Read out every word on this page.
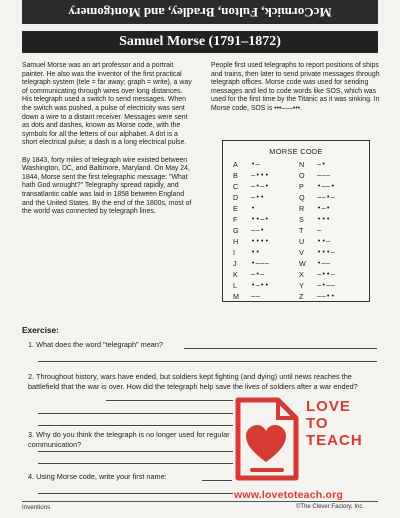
McCormick, Fulton, Bradley, and Montgomery
Samuel Morse (1791–1872)

Samuel Morse was an art professor and a portrait painter. He also was the inventor of the first practical telegraph system (tele = far away; graph = write), a way of communicating through wires over long distances. His telegraph used a switch to send messages. When the switch was pushed, a pulse of electricity was sent down a wire to a distant receiver. Messages were sent as dots and dashes, known as Morse code, with the symbols for all the letters of our alphabet. A dot is a short electrical pulse; a dash is a long electrical pulse.

By 1843, forty miles of telegraph wire existed between Washington, DC, and Baltimore, Maryland. On May 24, 1844, Morse sent the first telegraphic message: "What hath God wrought?" Telegraphy spread rapidly, and transatlantic cable was laid in 1858 between England and the United States. By the end of the 1800s, most of the world was connected by telegraph lines.

People first used telegraphs to report positions of ships and trains, then later to send private messages through telegraph offices. Morse code was used for sending messages and led to code words like SOS, which was used for the first time by the Titanic as it was sinking. In Morse code, SOS is •••–––•••.

MORSE CODE
A	•–	N	–•
B	–•••	O	–––
C	–•–•	P	•––•
D	–••	Q	––•–
E	•	R	•–•
F	••–•	S	•••
G	––•	T	–
H	••••	U	••–
I	••	V	•••–
J	•–––	W	•––
K	–•–	X	–••–
L	•–••	Y	–•––
M	––	Z	––••
Exercise:
1. What does the word "telegraph" mean?
2. Throughout history, wars have ended, but soldiers kept fighting (and dying) until news reaches the battlefield that the war is over. How did the telegraph help save the lives of soldiers after a war ended?
3. Why do you think the telegraph is no longer used for regular communication?
4. Using Morse code, write your first name:
LOVE
TO
TEACH
www.lovetoteach.org
Inventions	©The Clever Factory, Inc.
